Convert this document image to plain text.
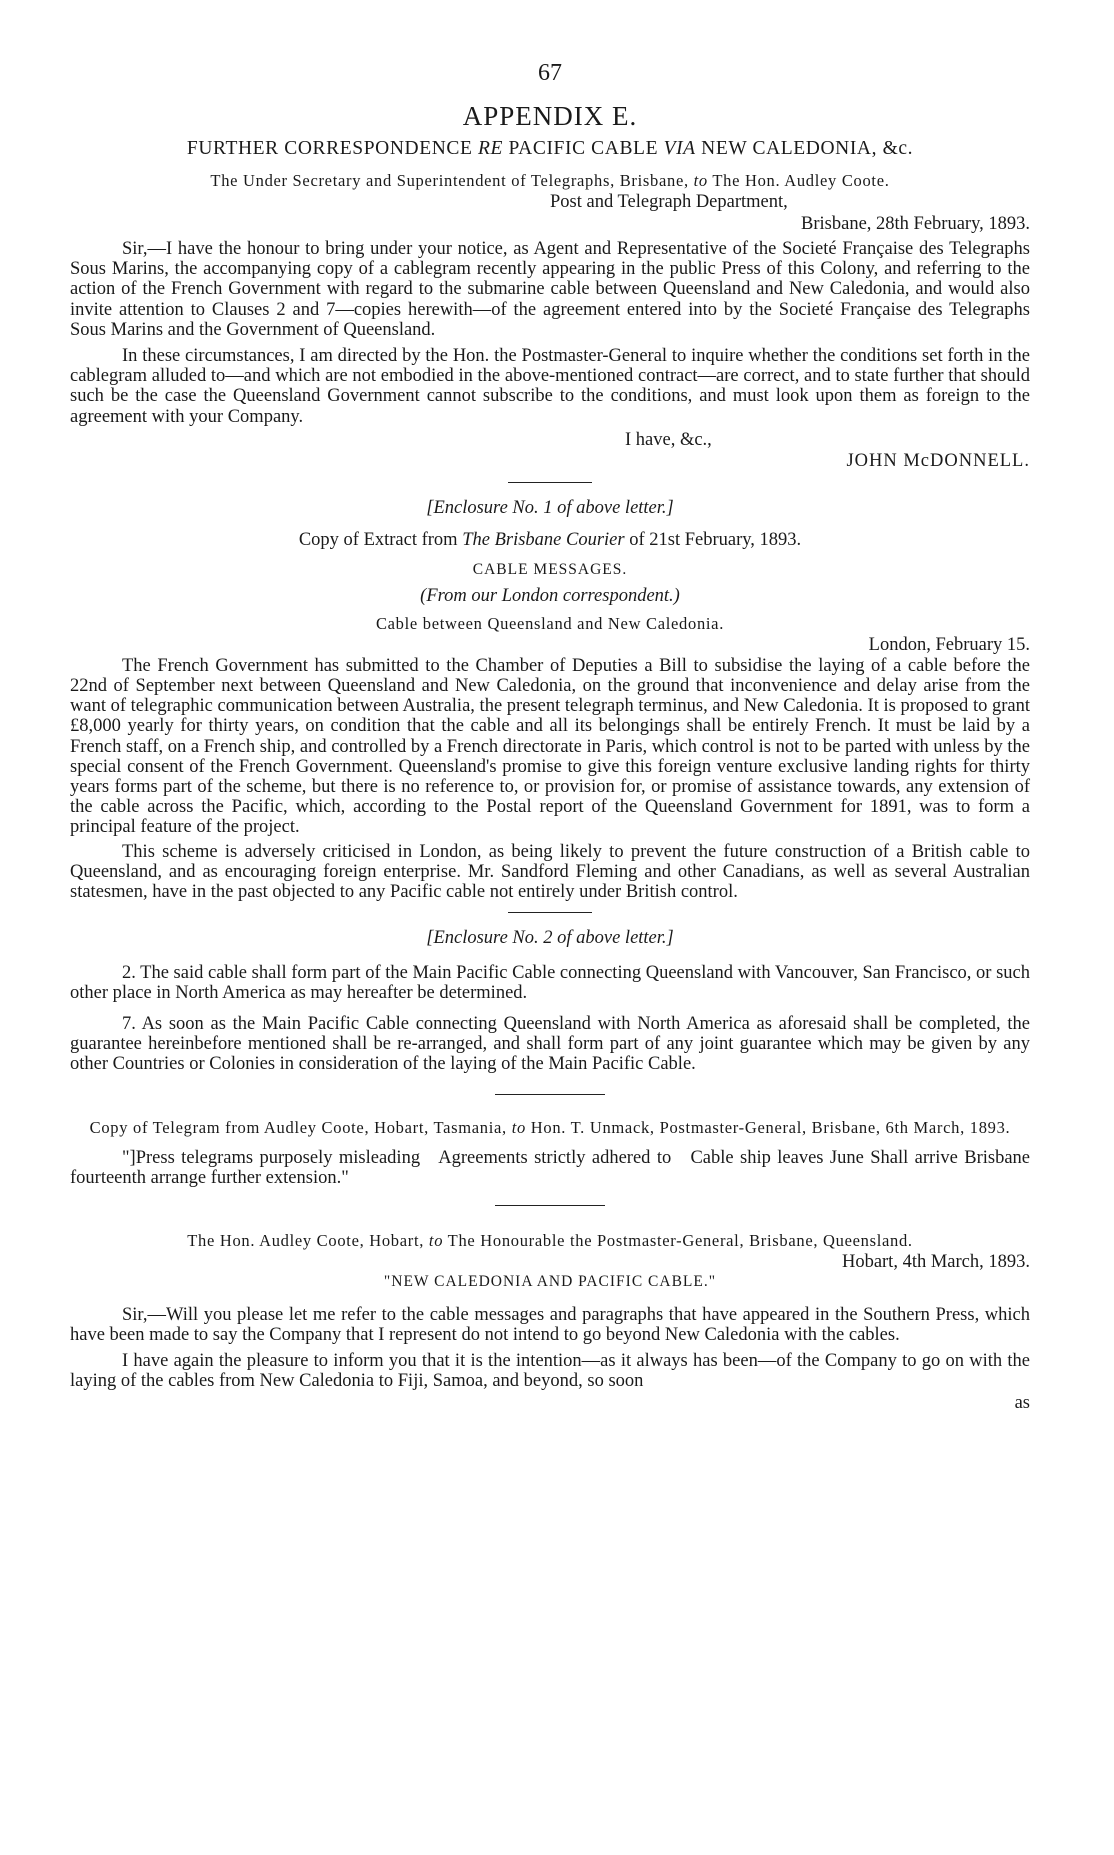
67

APPENDIX E.

FURTHER CORRESPONDENCE RE PACIFIC CABLE VIA NEW CALEDONIA, &c.

The Under Secretary and Superintendent of Telegraphs, Brisbane, to The Hon. Audley Coote.

Post and Telegraph Department,

Brisbane, 28th February, 1893.

Sir,—I have the honour to bring under your notice, as Agent and Representative of the Societé Française des Telegraphs Sous Marins, the accompanying copy of a cablegram recently appearing in the public Press of this Colony, and referring to the action of the French Government with regard to the submarine cable between Queensland and New Caledonia, and would also invite attention to Clauses 2 and 7—copies herewith—of the agreement entered into by the Societé Française des Telegraphs Sous Marins and the Government of Queensland.

In these circumstances, I am directed by the Hon. the Postmaster-General to inquire whether the conditions set forth in the cablegram alluded to—and which are not embodied in the above-mentioned contract—are correct, and to state further that should such be the case the Queensland Government cannot subscribe to the conditions, and must look upon them as foreign to the agreement with your Company.

I have, &c.,

JOHN McDONNELL.

[Enclosure No. 1 of above letter.]

Copy of Extract from The Brisbane Courier of 21st February, 1893.

CABLE MESSAGES.

(From our London correspondent.)

Cable between Queensland and New Caledonia.

London, February 15.

The French Government has submitted to the Chamber of Deputies a Bill to subsidise the laying of a cable before the 22nd of September next between Queensland and New Caledonia, on the ground that inconvenience and delay arise from the want of telegraphic communication between Australia, the present telegraph terminus, and New Caledonia. It is proposed to grant £8,000 yearly for thirty years, on condition that the cable and all its belongings shall be entirely French. It must be laid by a French staff, on a French ship, and controlled by a French directorate in Paris, which control is not to be parted with unless by the special consent of the French Government. Queensland's promise to give this foreign venture exclusive landing rights for thirty years forms part of the scheme, but there is no reference to, or provision for, or promise of assistance towards, any extension of the cable across the Pacific, which, according to the Postal report of the Queensland Government for 1891, was to form a principal feature of the project.

This scheme is adversely criticised in London, as being likely to prevent the future construction of a British cable to Queensland, and as encouraging foreign enterprise. Mr. Sandford Fleming and other Canadians, as well as several Australian statesmen, have in the past objected to any Pacific cable not entirely under British control.

[Enclosure No. 2 of above letter.]

2. The said cable shall form part of the Main Pacific Cable connecting Queensland with Vancouver, San Francisco, or such other place in North America as may hereafter be determined.

7. As soon as the Main Pacific Cable connecting Queensland with North America as aforesaid shall be completed, the guarantee hereinbefore mentioned shall be re-arranged, and shall form part of any joint guarantee which may be given by any other Countries or Colonies in consideration of the laying of the Main Pacific Cable.

Copy of Telegram from Audley Coote, Hobart, Tasmania, to Hon. T. Unmack, Postmaster-General, Brisbane, 6th March, 1893.

"]Press telegrams purposely misleading   Agreements strictly adhered to   Cable ship leaves June Shall arrive Brisbane fourteenth arrange further extension."

The Hon. Audley Coote, Hobart, to The Honourable the Postmaster-General, Brisbane, Queensland.

Hobart, 4th March, 1893.

"NEW CALEDONIA AND PACIFIC CABLE."

Sir,—Will you please let me refer to the cable messages and paragraphs that have appeared in the Southern Press, which have been made to say the Company that I represent do not intend to go beyond New Caledonia with the cables.

I have again the pleasure to inform you that it is the intention—as it always has been—of the Company to go on with the laying of the cables from New Caledonia to Fiji, Samoa, and beyond, so soon

as
